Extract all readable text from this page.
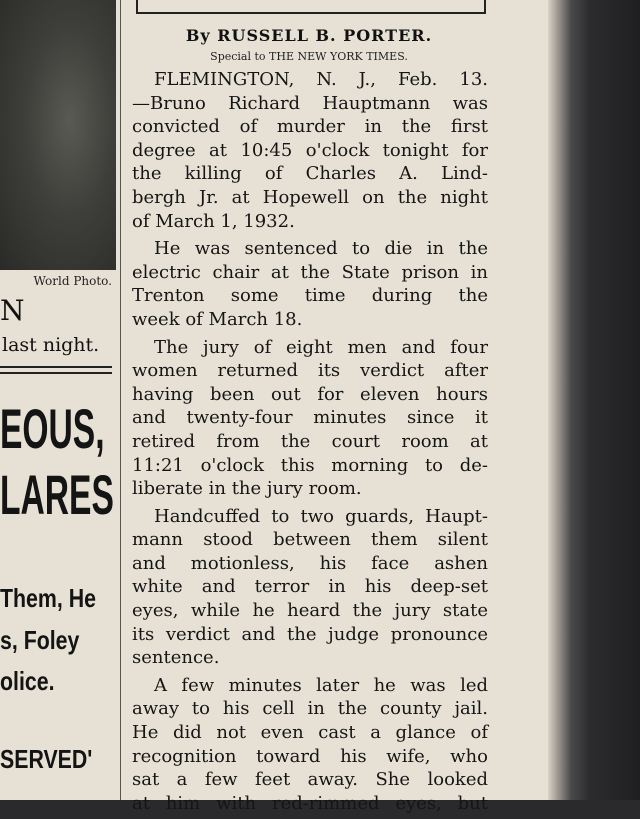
World Photo.
N
last night.
EOUS,
LARES
Them, He
s, Foley
olice.
SERVED'
By RUSSELL B. PORTER.
Special to THE NEW YORK TIMES.
FLEMINGTON, N. J., Feb. 13.
—Bruno Richard Hauptmann was
convicted of murder in the first
degree at 10:45 o'clock tonight for
the killing of Charles A. Lind-
bergh Jr. at Hopewell on the night
of March 1, 1932.
He was sentenced to die in the
electric chair at the State prison in
Trenton some time during the
week of March 18.
The jury of eight men and four
women returned its verdict after
having been out for eleven hours
and twenty-four minutes since it
retired from the court room at
11:21 o'clock this morning to de-
liberate in the jury room.
Handcuffed to two guards, Haupt-
mann stood between them silent
and motionless, his face ashen
white and terror in his deep-set
eyes, while he heard the jury state
its verdict and the judge pronounce
sentence.
A few minutes later he was led
away to his cell in the county jail.
He did not even cast a glance of
recognition toward his wife, who
sat a few feet away. She looked
at him with red-rimmed eyes, but
